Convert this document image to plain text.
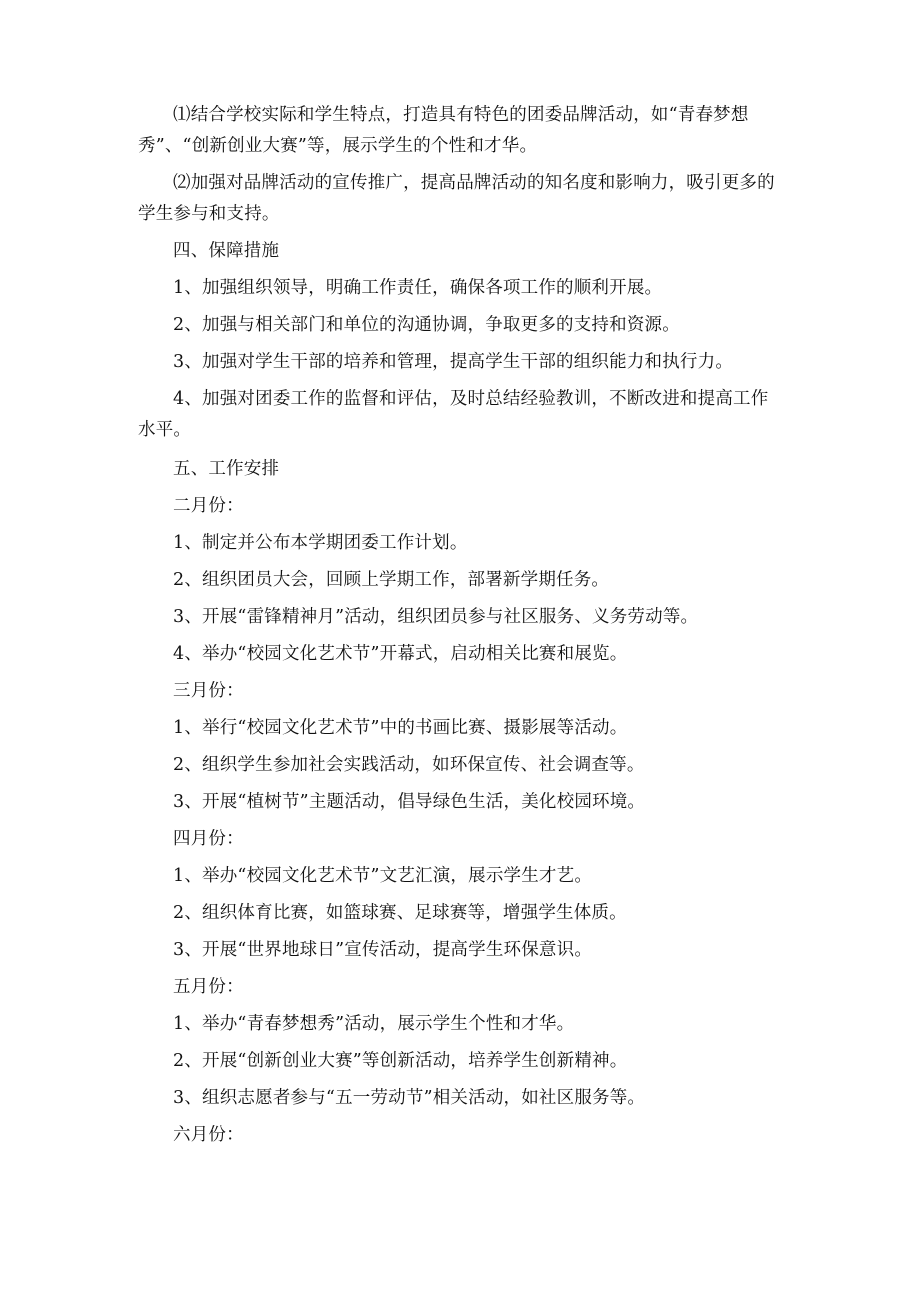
⑴结合学校实际和学生特点，打造具有特色的团委品牌活动，如“青春梦想秀”、“创新创业大赛”等，展示学生的个性和才华。

⑵加强对品牌活动的宣传推广，提高品牌活动的知名度和影响力，吸引更多的学生参与和支持。

四、保障措施

1、加强组织领导，明确工作责任，确保各项工作的顺利开展。

2、加强与相关部门和单位的沟通协调，争取更多的支持和资源。

3、加强对学生干部的培养和管理，提高学生干部的组织能力和执行力。

4、加强对团委工作的监督和评估，及时总结经验教训，不断改进和提高工作水平。

五、工作安排

二月份：

1、制定并公布本学期团委工作计划。

2、组织团员大会，回顾上学期工作，部署新学期任务。

3、开展“雷锋精神月”活动，组织团员参与社区服务、义务劳动等。

4、举办“校园文化艺术节”开幕式，启动相关比赛和展览。

三月份：

1、举行“校园文化艺术节”中的书画比赛、摄影展等活动。

2、组织学生参加社会实践活动，如环保宣传、社会调查等。

3、开展“植树节”主题活动，倡导绿色生活，美化校园环境。

四月份：

1、举办“校园文化艺术节”文艺汇演，展示学生才艺。

2、组织体育比赛，如篮球赛、足球赛等，增强学生体质。

3、开展“世界地球日”宣传活动，提高学生环保意识。

五月份：

1、举办“青春梦想秀”活动，展示学生个性和才华。

2、开展“创新创业大赛”等创新活动，培养学生创新精神。

3、组织志愿者参与“五一劳动节”相关活动，如社区服务等。

六月份：
